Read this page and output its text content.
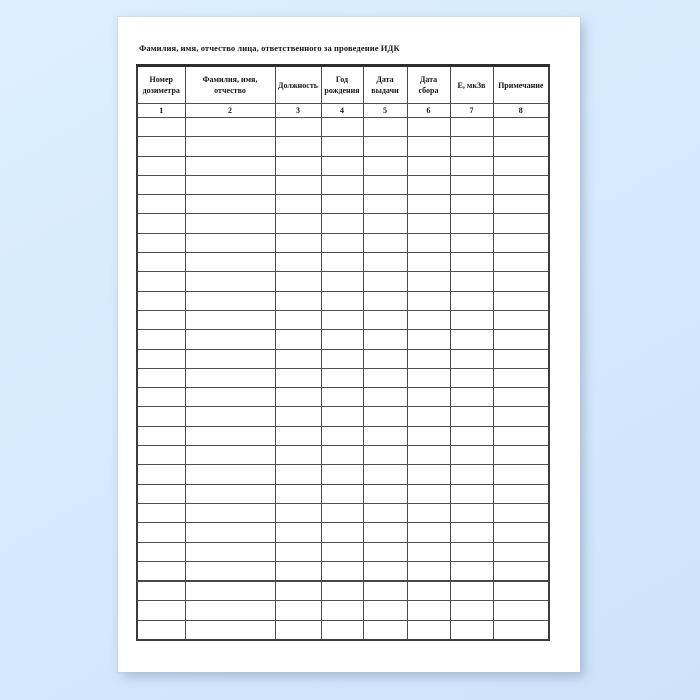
Фамилия, имя, отчество лица, ответственного за проведение ИДК
Номер дозиметра	Фамилия, имя, отчество	Должность	Год рождения	Дата выдачи	Дата сбора	Е, мкЗв	Примечание
1	2	3	4	5	6	7	8
